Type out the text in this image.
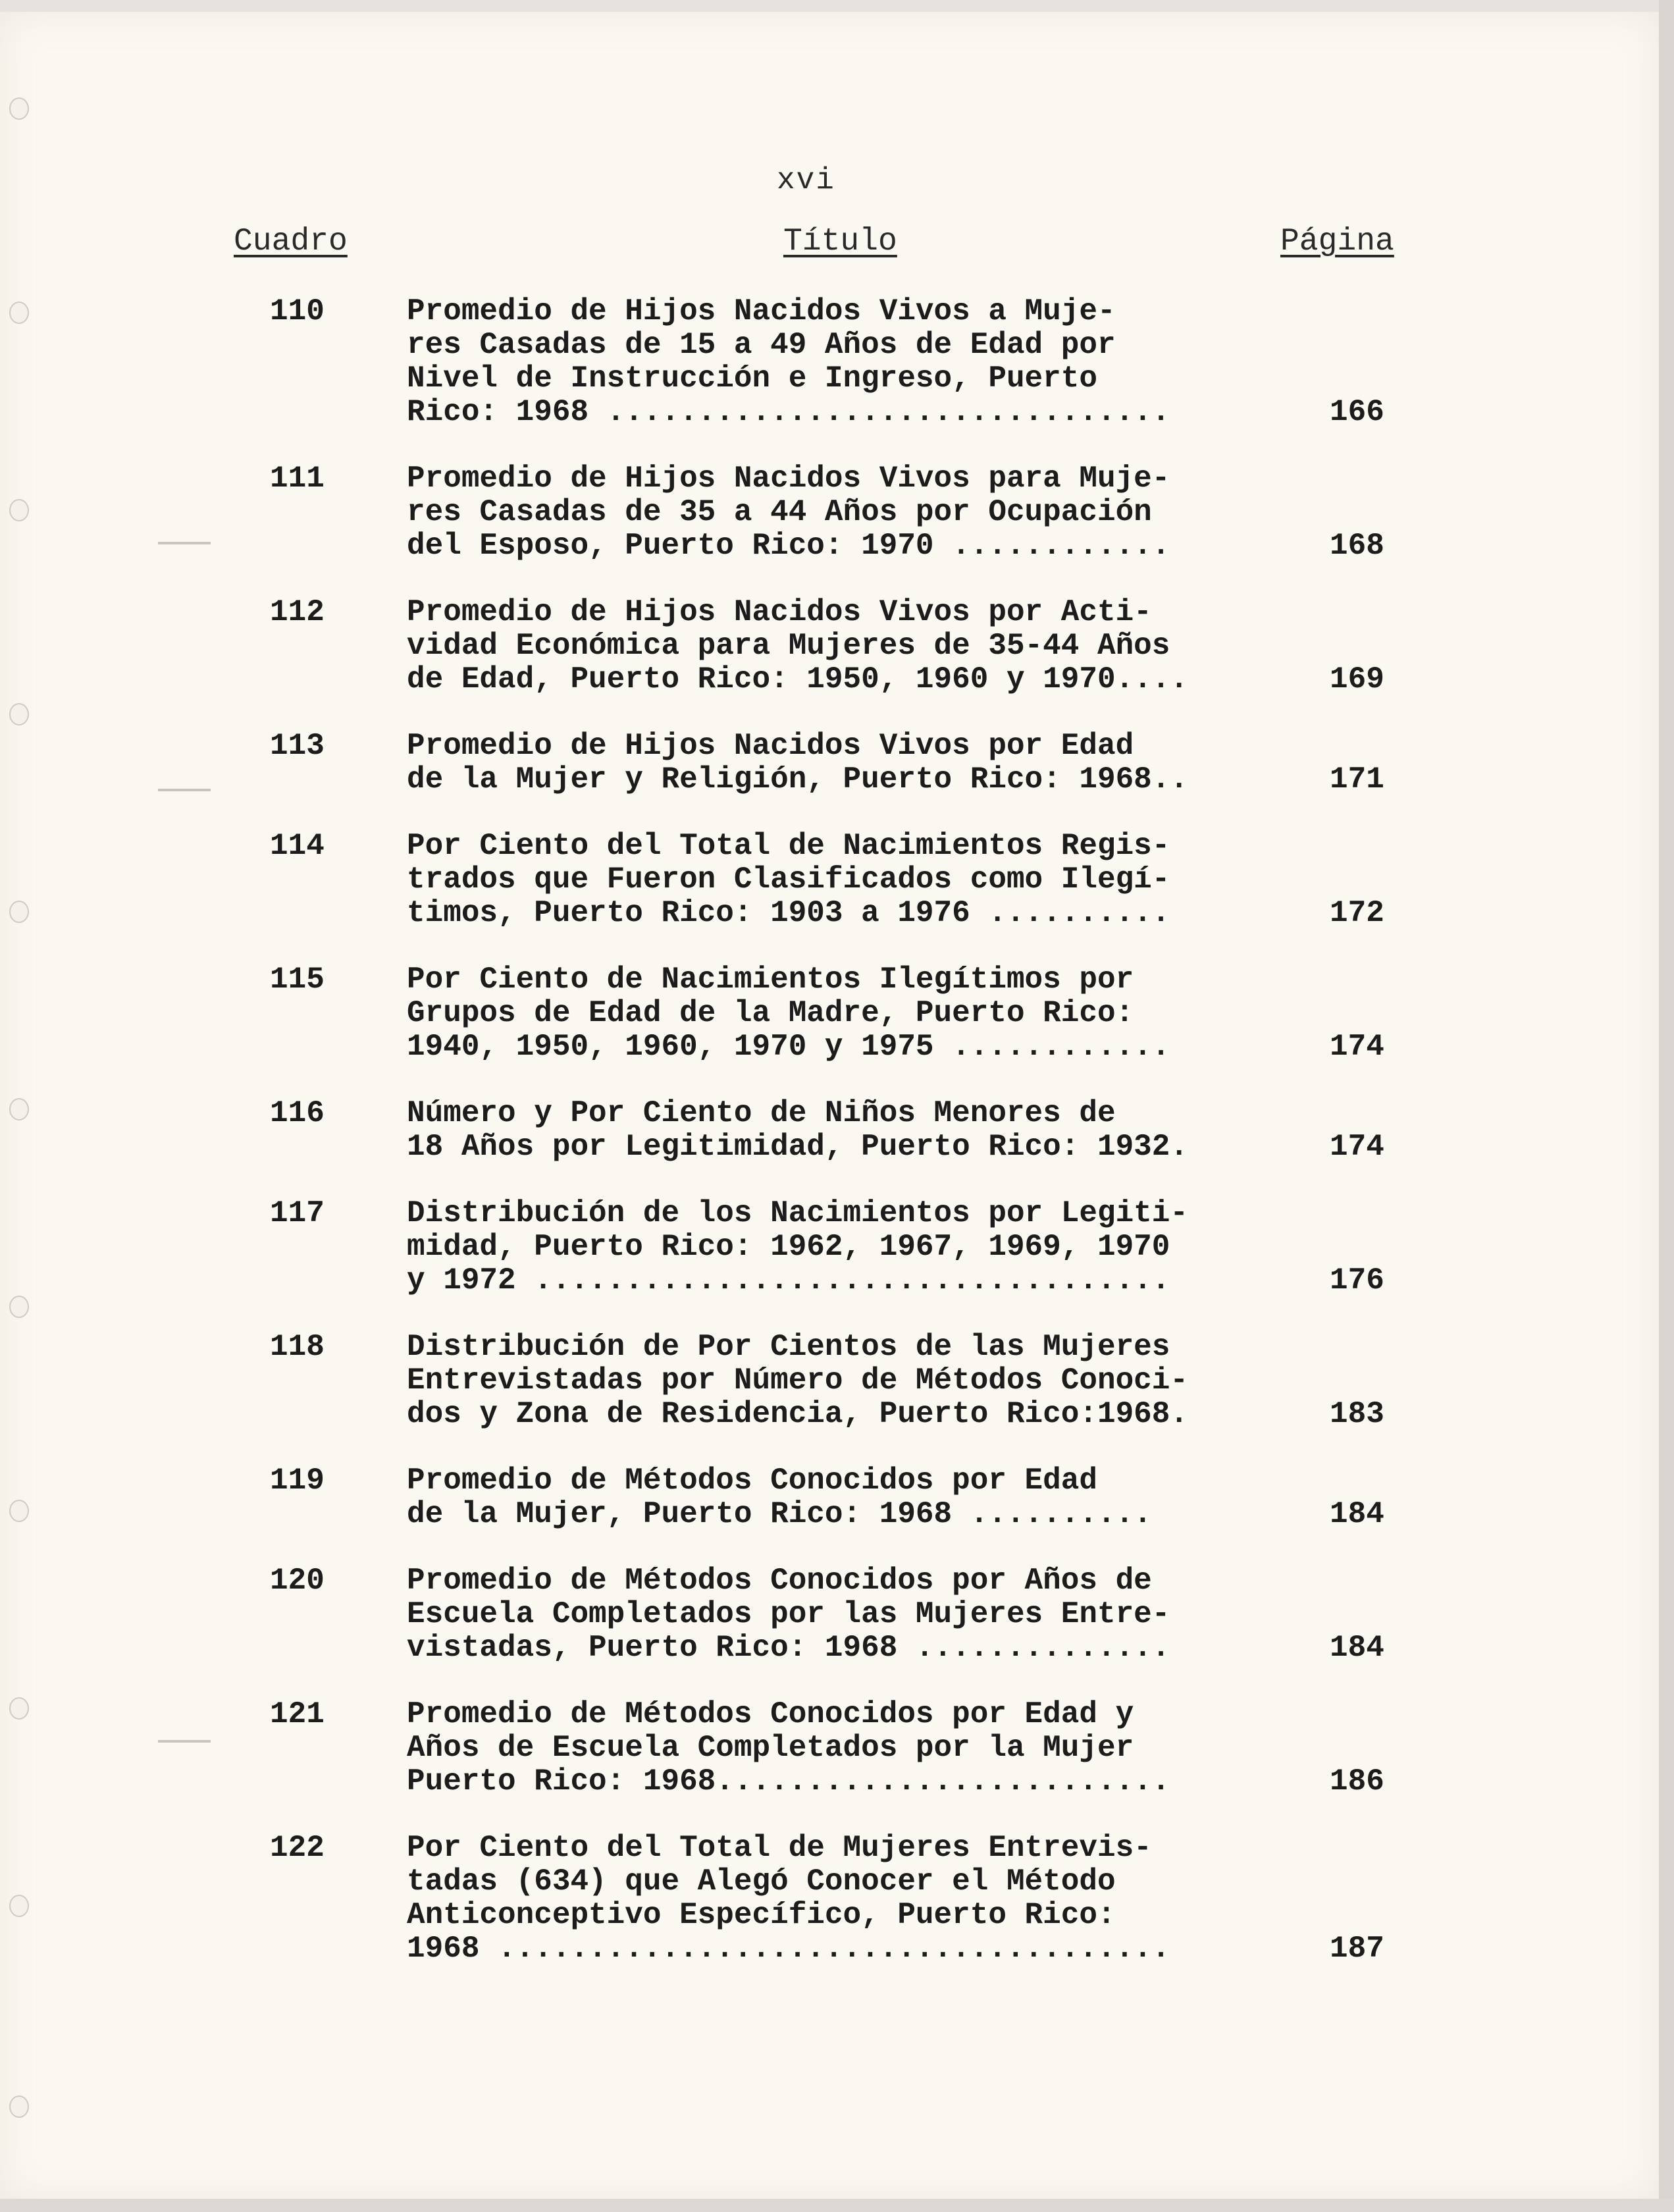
xvi
Cuadro	Título	Página
110	Promedio de Hijos Nacidos Vivos a Muje-
res Casadas de 15 a 49 Años de Edad por
Nivel de Instrucción e Ingreso, Puerto
Rico: 1968 ...............................	166
111	Promedio de Hijos Nacidos Vivos para Muje-
res Casadas de 35 a 44 Años por Ocupación
del Esposo, Puerto Rico: 1970 ............	168
112	Promedio de Hijos Nacidos Vivos por Acti-
vidad Económica para Mujeres de 35-44 Años
de Edad, Puerto Rico: 1950, 1960 y 1970....	169
113	Promedio de Hijos Nacidos Vivos por Edad
de la Mujer y Religión, Puerto Rico: 1968..	171
114	Por Ciento del Total de Nacimientos Regis-
trados que Fueron Clasificados como Ilegí-
timos, Puerto Rico: 1903 a 1976 ..........	172
115	Por Ciento de Nacimientos Ilegítimos por
Grupos de Edad de la Madre, Puerto Rico:
1940, 1950, 1960, 1970 y 1975 ............	174
116	Número y Por Ciento de Niños Menores de
18 Años por Legitimidad, Puerto Rico: 1932.	174
117	Distribución de los Nacimientos por Legiti-
midad, Puerto Rico: 1962, 1967, 1969, 1970
y 1972 ...................................	176
118	Distribución de Por Cientos de las Mujeres
Entrevistadas por Número de Métodos Conoci-
dos y Zona de Residencia, Puerto Rico:1968.	183
119	Promedio de Métodos Conocidos por Edad
de la Mujer, Puerto Rico: 1968 ..........	184
120	Promedio de Métodos Conocidos por Años de
Escuela Completados por las Mujeres Entre-
vistadas, Puerto Rico: 1968 ..............	184
121	Promedio de Métodos Conocidos por Edad y
Años de Escuela Completados por la Mujer
Puerto Rico: 1968.........................	186
122	Por Ciento del Total de Mujeres Entrevis-
tadas (634) que Alegó Conocer el Método
Anticonceptivo Específico, Puerto Rico:
1968 .....................................	187
